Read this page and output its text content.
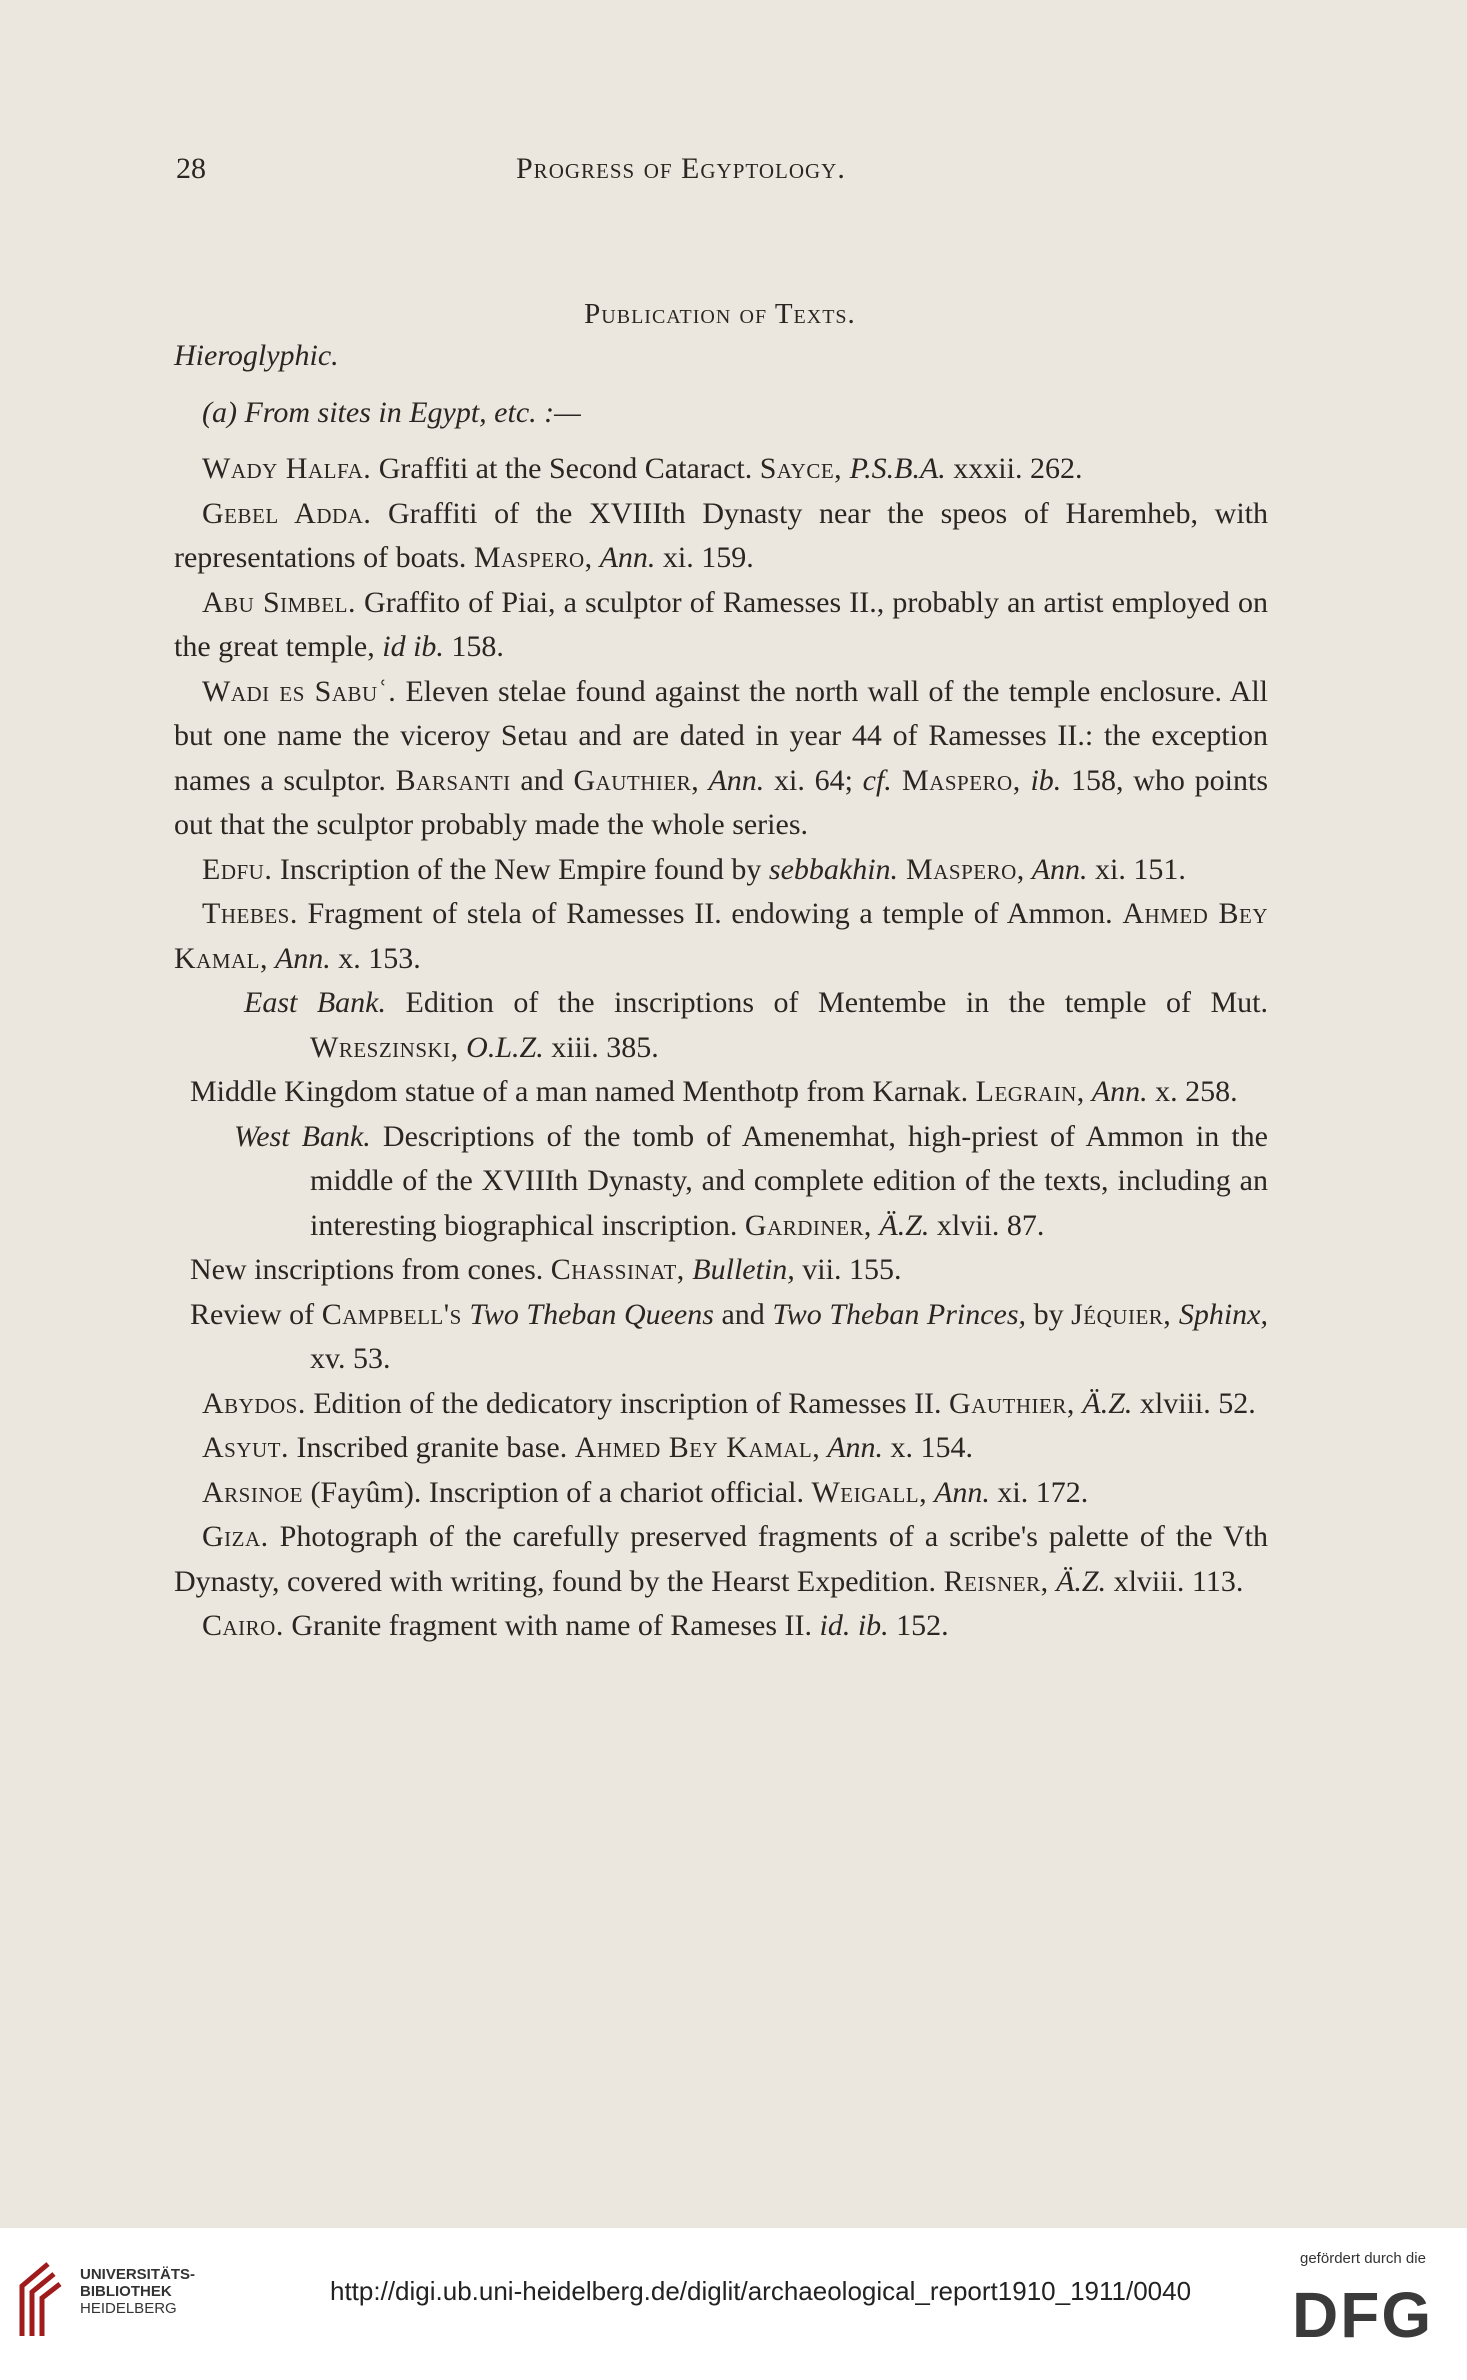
28	Progress of Egyptology.
Publication of Texts.

Hieroglyphic.

(a) From sites in Egypt, etc. :—

Wady Halfa. Graffiti at the Second Cataract. Sayce, P.S.B.A. xxxii. 262.

Gebel Adda. Graffiti of the XVIIIth Dynasty near the speos of Haremheb, with representations of boats. Maspero, Ann. xi. 159.

Abu Simbel. Graffito of Piai, a sculptor of Ramesses II., probably an artist employed on the great temple, id ib. 158.

Wadi es Sabuʿ. Eleven stelae found against the north wall of the temple enclosure. All but one name the viceroy Setau and are dated in year 44 of Ramesses II.: the exception names a sculptor. Barsanti and Gauthier, Ann. xi. 64; cf. Maspero, ib. 158, who points out that the sculptor probably made the whole series.

Edfu. Inscription of the New Empire found by sebbakhin. Maspero, Ann. xi. 151.

Thebes. Fragment of stela of Ramesses II. endowing a temple of Ammon. Ahmed Bey Kamal, Ann. x. 153.

East Bank. Edition of the inscriptions of Mentembe in the temple of Mut. Wreszinski, O.L.Z. xiii. 385.

Middle Kingdom statue of a man named Menthotp from Karnak. Legrain, Ann. x. 258.

West Bank. Descriptions of the tomb of Amenemhat, high-priest of Ammon in the middle of the XVIIIth Dynasty, and complete edition of the texts, including an interesting biographical inscription. Gardiner, Ä.Z. xlvii. 87.

New inscriptions from cones. Chassinat, Bulletin, vii. 155.

Review of Campbell's Two Theban Queens and Two Theban Princes, by Jéquier, Sphinx, xv. 53.

Abydos. Edition of the dedicatory inscription of Ramesses II. Gauthier, Ä.Z. xlviii. 52.

Asyut. Inscribed granite base. Ahmed Bey Kamal, Ann. x. 154.

Arsinoe (Fayûm). Inscription of a chariot official. Weigall, Ann. xi. 172.

Giza. Photograph of the carefully preserved fragments of a scribe's palette of the Vth Dynasty, covered with writing, found by the Hearst Expedition. Reisner, Ä.Z. xlviii. 113.

Cairo. Granite fragment with name of Rameses II. id. ib. 152.

UNIVERSITÄTS-
BIBLIOTHEK
HEIDELBERG
http://digi.ub.uni-heidelberg.de/diglit/archaeological_report1910_1911/0040
gefördert durch die
DFG
